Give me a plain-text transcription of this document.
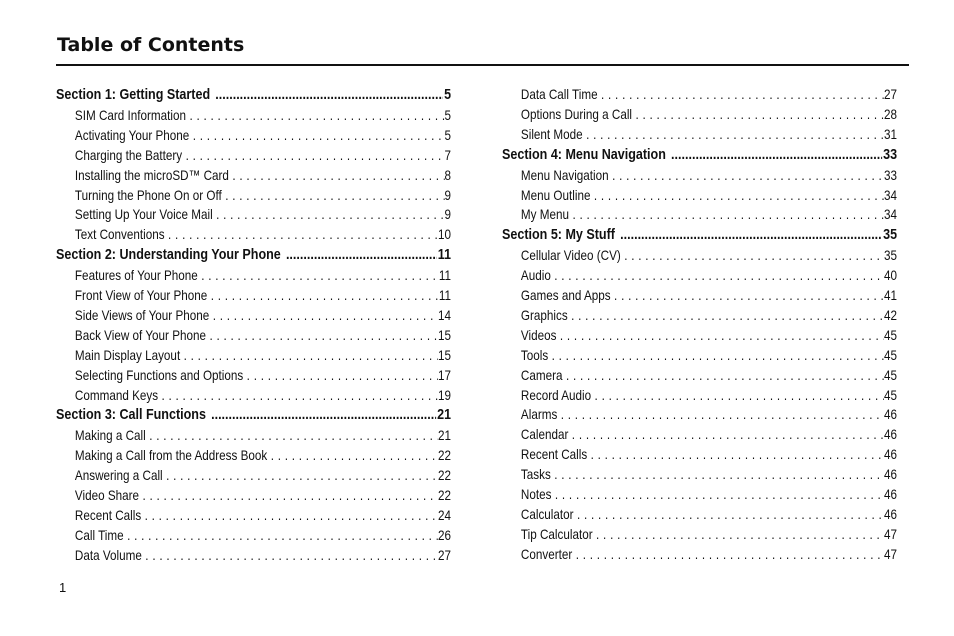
Table of Contents
Section 1: Getting Started .....	5
SIM Card Information . . .	5
Activating Your Phone . . .	5
Charging the Battery . . .	7
Installing the microSD™ Card . . .	8
Turning the Phone On or Off . . .	9
Setting Up Your Voice Mail . . .	9
Text Conventions . . .	10
Section 2: Understanding Your Phone .....	11
Features of Your Phone . . .	11
Front View of Your Phone . . .	11
Side Views of Your Phone . . .	14
Back View of Your Phone . . .	15
Main Display Layout . . .	15
Selecting Functions and Options . . .	17
Command Keys . . .	19
Section 3: Call Functions .....	21
Making a Call . . .	21
Making a Call from the Address Book . . .	22
Answering a Call . . .	22
Video Share . . .	22
Recent Calls . . .	24
Call Time . . .	26
Data Volume . . .	27
Data Call Time . . .	27
Options During a Call . . .	28
Silent Mode . . .	31
Section 4: Menu Navigation .....	33
Menu Navigation . . .	33
Menu Outline . . .	34
My Menu . . .	34
Section 5: My Stuff .....	35
Cellular Video (CV) . . .	35
Audio . . .	40
Games and Apps . . .	41
Graphics . . .	42
Videos . . .	45
Tools . . .	45
Camera . . .	45
Record Audio . . .	45
Alarms . . .	46
Calendar . . .	46
Recent Calls . . .	46
Tasks . . .	46
Notes . . .	46
Calculator . . .	46
Tip Calculator . . .	47
Converter . . .	47
1
